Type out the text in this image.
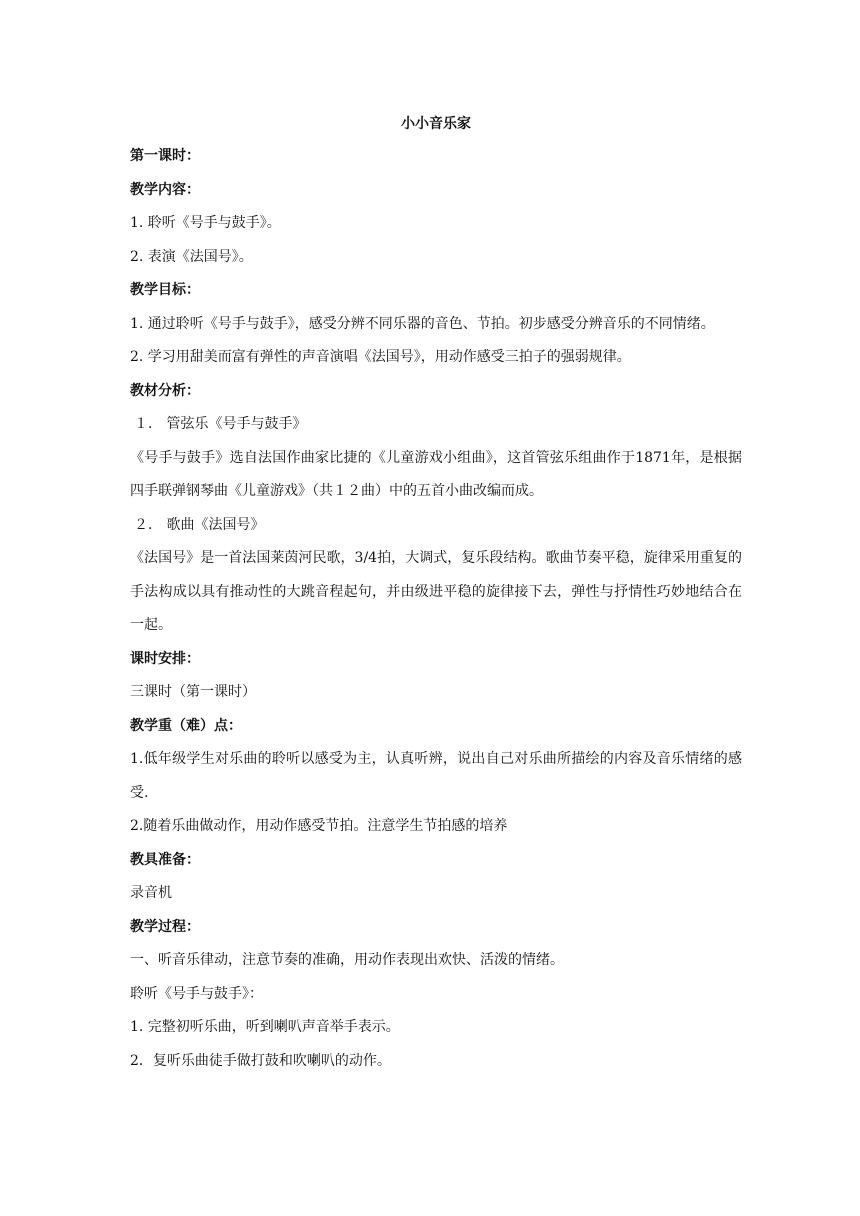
小小音乐家

第一课时：

教学内容：

1. 聆听《号手与鼓手》。

2. 表演《法国号》。

教学目标：

1. 通过聆听《号手与鼓手》，感受分辨不同乐器的音色、节拍。初步感受分辨音乐的不同情绪。

2. 学习用甜美而富有弹性的声音演唱《法国号》，用动作感受三拍子的强弱规律。

教材分析：

１． 管弦乐《号手与鼓手》

《号手与鼓手》选自法国作曲家比捷的《儿童游戏小组曲》，这首管弦乐组曲作于1871年，是根据四手联弹钢琴曲《儿童游戏》（共１２曲）中的五首小曲改编而成。

２． 歌曲《法国号》

《法国号》是一首法国莱茵河民歌，3/4拍，大调式，复乐段结构。歌曲节奏平稳，旋律采用重复的手法构成以具有推动性的大跳音程起句，并由级进平稳的旋律接下去，弹性与抒情性巧妙地结合在一起。

课时安排：

三课时（第一课时）

教学重（难）点：

1.低年级学生对乐曲的聆听以感受为主，认真听辨，说出自己对乐曲所描绘的内容及音乐情绪的感受.

2.随着乐曲做动作，用动作感受节拍。注意学生节拍感的培养

教具准备：

录音机

教学过程：

一、听音乐律动，注意节奏的准确，用动作表现出欢快、活泼的情绪。

聆听《号手与鼓手》：

1. 完整初听乐曲，听到喇叭声音举手表示。

2．复听乐曲徒手做打鼓和吹喇叭的动作。
